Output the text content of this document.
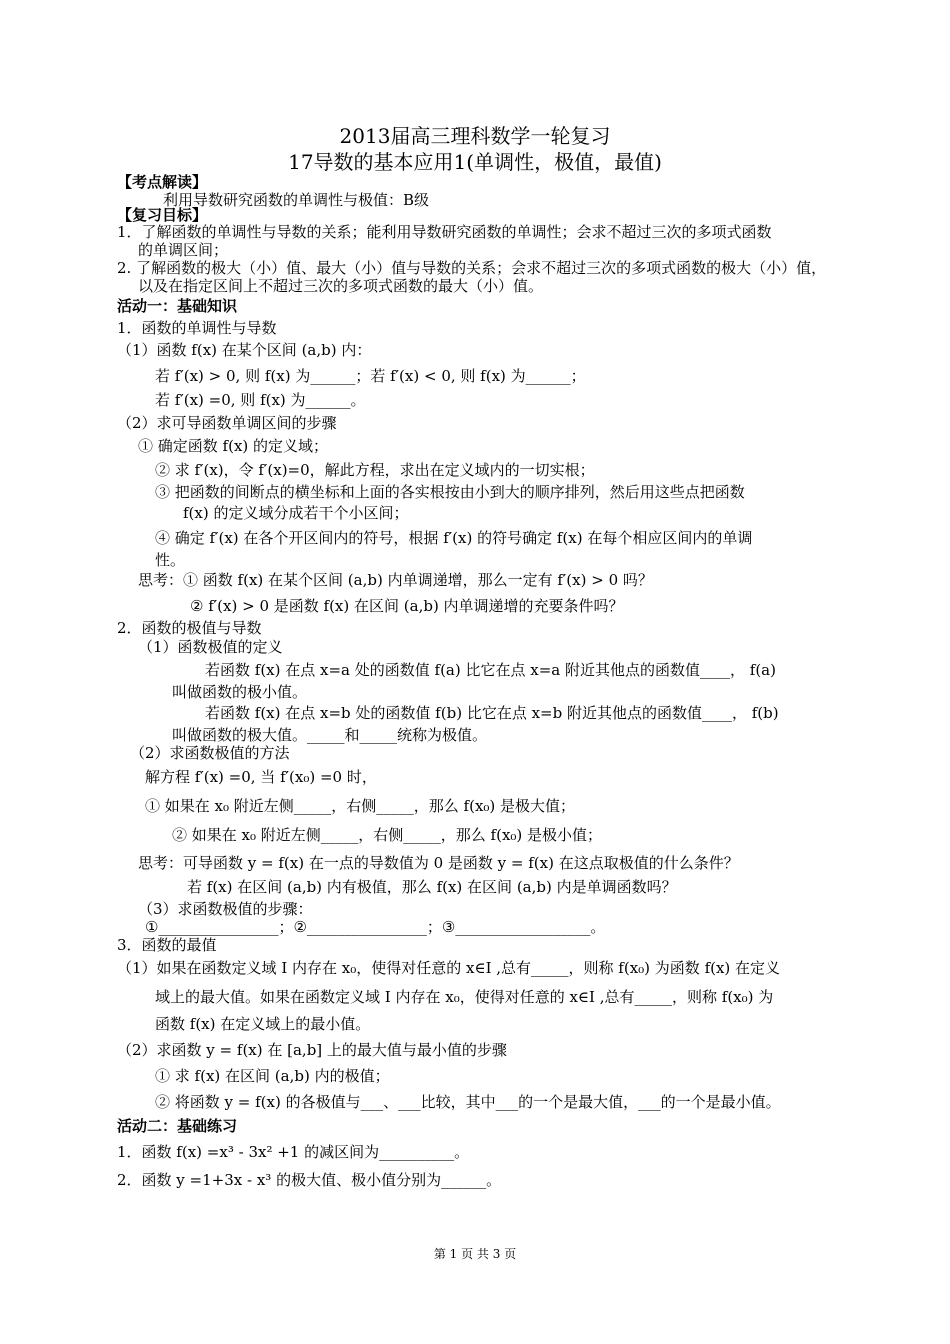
2013届高三理科数学一轮复习
17导数的基本应用1(单调性，极值，最值)
【考点解读】
利用导数研究函数的单调性与极值：B级
【复习目标】
1．了解函数的单调性与导数的关系；能利用导数研究函数的单调性；会求不超过三次的多项式函数
的单调区间；
2. 了解函数的极大（小）值、最大（小）值与导数的关系；会求不超过三次的多项式函数的极大（小）值，
以及在指定区间上不超过三次的多项式函数的最大（小）值。
活动一：基础知识
1．函数的单调性与导数
（1）函数 f(x) 在某个区间 (a,b) 内：
若 f′(x) > 0, 则 f(x) 为______；若 f′(x) < 0, 则 f(x) 为______；
若 f′(x) =0, 则 f(x) 为______。
（2）求可导函数单调区间的步骤
① 确定函数 f(x) 的定义域；
② 求 f′(x)，令 f′(x)=0，解此方程，求出在定义域内的一切实根；
③ 把函数的间断点的横坐标和上面的各实根按由小到大的顺序排列，然后用这些点把函数
f(x) 的定义域分成若干个小区间；
④ 确定 f′(x) 在各个开区间内的符号，根据 f′(x) 的符号确定 f(x) 在每个相应区间内的单调
性。
思考：① 函数 f(x) 在某个区间 (a,b) 内单调递增，那么一定有 f′(x) > 0 吗？
② f′(x) > 0 是函数 f(x) 在区间 (a,b) 内单调递增的充要条件吗？
2．函数的极值与导数
（1）函数极值的定义
若函数 f(x) 在点 x=a 处的函数值 f(a) 比它在点 x=a 附近其他点的函数值____， f(a)
叫做函数的极小值。
若函数 f(x) 在点 x=b 处的函数值 f(b) 比它在点 x=b 附近其他点的函数值____， f(b)
叫做函数的极大值。_____和_____统称为极值。
（2）求函数极值的方法
解方程 f′(x) =0, 当 f′(x₀) =0 时，
① 如果在 x₀ 附近左侧_____，右侧_____，那么 f(x₀) 是极大值；
② 如果在 x₀ 附近左侧_____，右侧_____，那么 f(x₀) 是极小值；
思考：可导函数 y = f(x) 在一点的导数值为 0 是函数 y = f(x) 在这点取极值的什么条件？
若 f(x) 在区间 (a,b) 内有极值，那么 f(x) 在区间 (a,b) 内是单调函数吗？
（3）求函数极值的步骤：
①________________；②________________；③__________________。
3．函数的最值
（1）如果在函数定义域 I 内存在 x₀，使得对任意的 x∈I ,总有_____，则称 f(x₀) 为函数 f(x) 在定义
域上的最大值。如果在函数定义域 I 内存在 x₀，使得对任意的 x∈I ,总有_____，则称 f(x₀) 为
函数 f(x) 在定义域上的最小值。
（2）求函数 y = f(x) 在 [a,b] 上的最大值与最小值的步骤
① 求 f(x) 在区间 (a,b) 内的极值；
② 将函数 y = f(x) 的各极值与___、___比较，其中___的一个是最大值，___的一个是最小值。
活动二：基础练习
1．函数 f(x) =x³ - 3x² +1 的减区间为__________。
2．函数 y =1+3x - x³ 的极大值、极小值分别为______。
第 1 页 共 3 页
